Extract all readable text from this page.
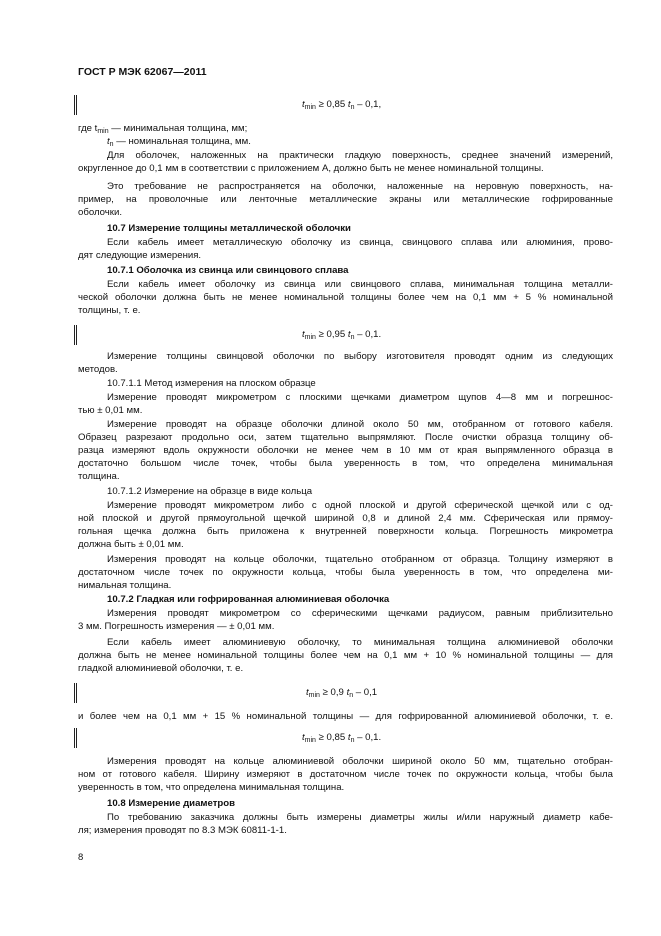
ГОСТ Р МЭК 62067—2011
$t_{min} \ge 0,85$ $t_n - 0,1$,
где $t_{min}$ — минимальная толщина, мм;
$t_n$ — номинальная толщина, мм.
Для оболочек, наложенных на практически гладкую поверхность, среднее значений измерений,
округленное до 0,1 мм в соответствии с приложением А, должно быть не менее номинальной толщины.
Это требование не распространяется на оболочки, наложенные на неровную поверхность, на-
пример, на проволочные или ленточные металлические экраны или металлические гофрированные
оболочки.
10.7 Измерение толщины металлической оболочки
Если кабель имеет металлическую оболочку из свинца, свинцового сплава или алюминия, прово-
дят следующие измерения.
10.7.1 Оболочка из свинца или свинцового сплава
Если кабель имеет оболочку из свинца или свинцового сплава, минимальная толщина металли-
ческой оболочки должна быть не менее номинальной толщины более чем на 0,1 мм + 5 % номинальной
толщины, т. е.
$t_{min} \ge 0,95$ $t_n - 0,1$.
Измерение толщины свинцовой оболочки по выбору изготовителя проводят одним из следующих
методов.
10.7.1.1 Метод измерения на плоском образце
Измерение проводят микрометром с плоскими щечками диаметром щупов 4—8 мм и погрешнос-
тью ± 0,01 мм.
Измерение проводят на образце оболочки длиной около 50 мм, отобранном от готового кабеля.
Образец разрезают продольно оси, затем тщательно выпрямляют. После очистки образца толщину об-
разца измеряют вдоль окружности оболочки не менее чем в 10 мм от края выпрямленного образца в
достаточно большом числе точек, чтобы была уверенность в том, что определена минимальная
толщина.
10.7.1.2 Измерение на образце в виде кольца
Измерение проводят микрометром либо с одной плоской и другой сферической щечкой или с од-
ной плоской и другой прямоугольной щечкой шириной 0,8 и длиной 2,4 мм. Сферическая или прямоу-
гольная щечка должна быть приложена к внутренней поверхности кольца. Погрешность микрометра
должна быть ± 0,01 мм.
Измерения проводят на кольце оболочки, тщательно отобранном от образца. Толщину измеряют в
достаточном числе точек по окружности кольца, чтобы была уверенность в том, что определена ми-
нимальная толщина.
10.7.2 Гладкая или гофрированная алюминиевая оболочка
Измерения проводят микрометром со сферическими щечками радиусом, равным приблизительно
3 мм. Погрешность измерения — ± 0,01 мм.
Если кабель имеет алюминиевую оболочку, то минимальная толщина алюминиевой оболочки
должна быть не менее номинальной толщины более чем на 0,1 мм + 10 % номинальной толщины — для
гладкой алюминиевой оболочки, т. е.
$t_{min} \ge 0,9$ $t_n - 0,1$
и более чем на 0,1 мм + 15 % номинальной толщины — для гофрированной алюминиевой оболочки, т. е.
$t_{min} \ge 0,85$ $t_n - 0,1$.
Измерения проводят на кольце алюминиевой оболочки шириной около 50 мм, тщательно отобран-
ном от готового кабеля. Ширину измеряют в достаточном числе точек по окружности кольца, чтобы была
уверенность в том, что определена минимальная толщина.
10.8 Измерение диаметров
По требованию заказчика должны быть измерены диаметры жилы и/или наружный диаметр кабе-
ля; измерения проводят по 8.3 МЭК 60811-1-1.
8
